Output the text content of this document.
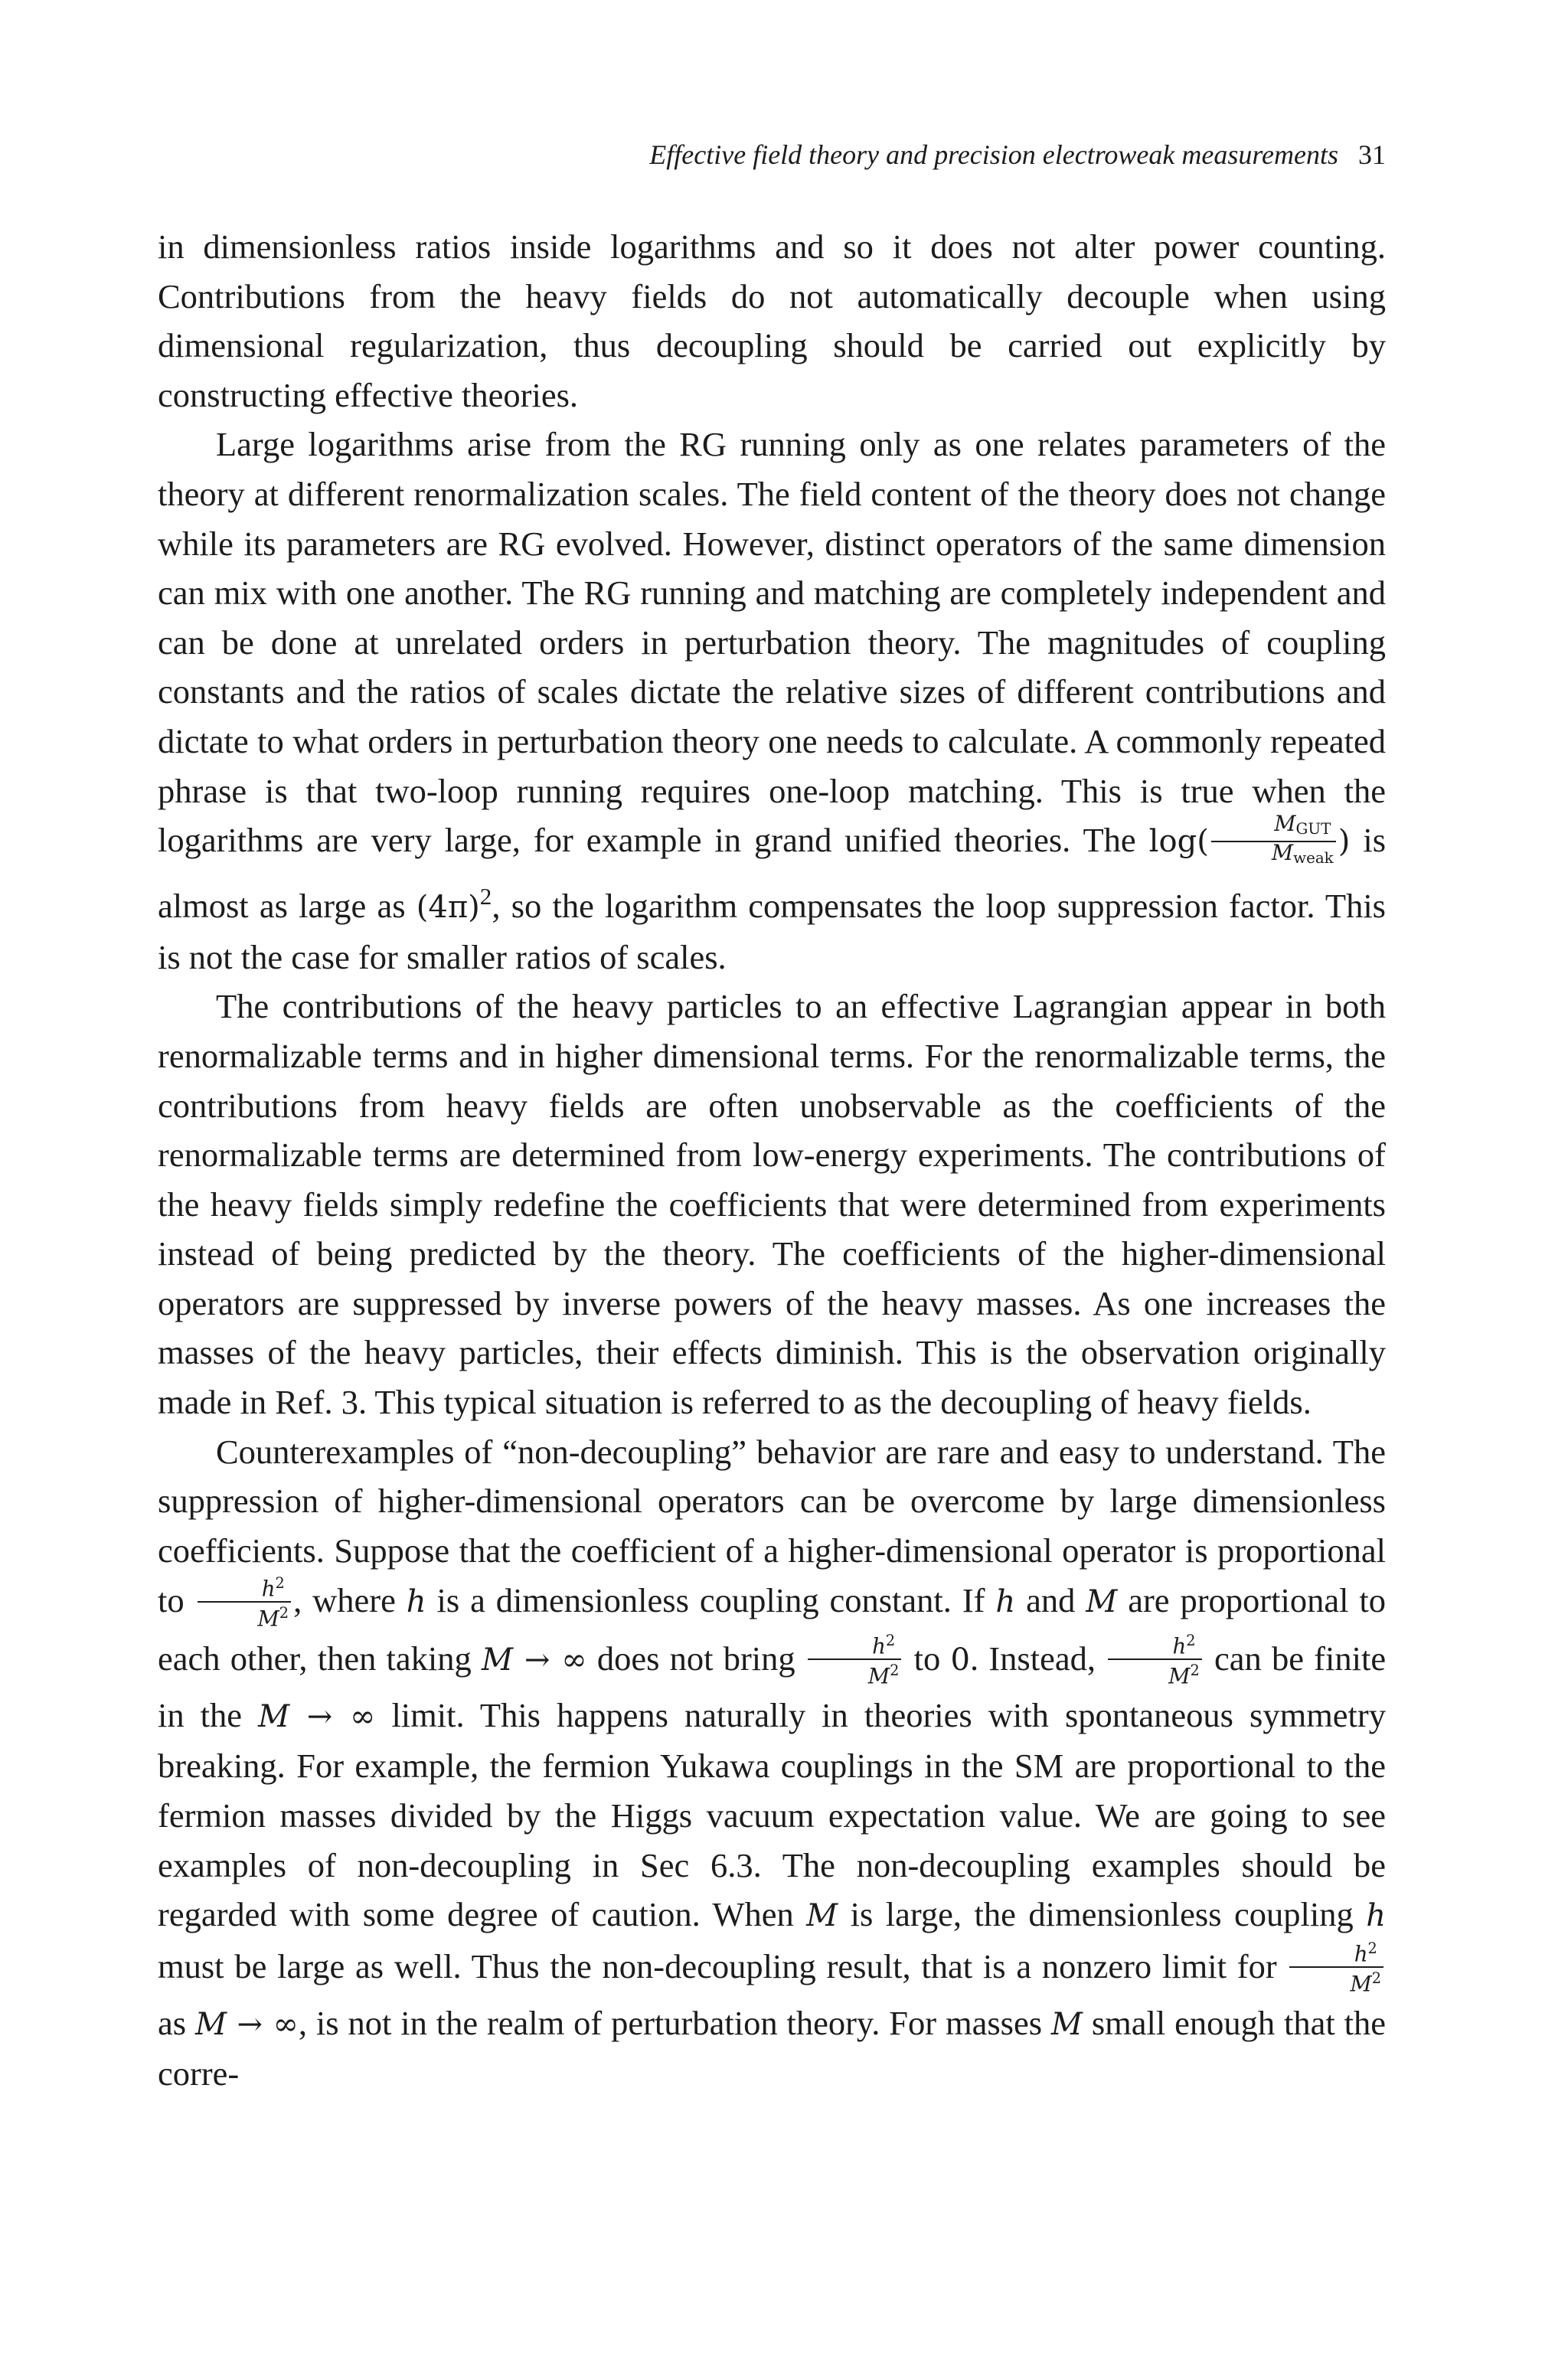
Effective field theory and precision electroweak measurements 31

in dimensionless ratios inside logarithms and so it does not alter power counting. Contributions from the heavy fields do not automatically decouple when using dimensional regularization, thus decoupling should be carried out explicitly by constructing effective theories.

Large logarithms arise from the RG running only as one relates parameters of the theory at different renormalization scales. The field content of the theory does not change while its parameters are RG evolved. However, distinct operators of the same dimension can mix with one another. The RG running and matching are completely independent and can be done at unrelated orders in perturbation theory. The magnitudes of coupling constants and the ratios of scales dictate the relative sizes of different contributions and dictate to what orders in perturbation theory one needs to calculate. A commonly repeated phrase is that two-loop running requires one-loop matching. This is true when the logarithms are very large, for example in grand unified theories. The $\log( \frac{M_{GUT}}{M_{weak}}$ ) is almost as large as $(4\pi)^2$, so the logarithm compensates the loop suppression factor. This is not the case for smaller ratios of scales.

The contributions of the heavy particles to an effective Lagrangian appear in both renormalizable terms and in higher dimensional terms. For the renormalizable terms, the contributions from heavy fields are often unobservable as the coefficients of the renormalizable terms are determined from low-energy experiments. The contributions of the heavy fields simply redefine the coefficients that were determined from experiments instead of being predicted by the theory. The coefficients of the higher-dimensional operators are suppressed by inverse powers of the heavy masses. As one increases the masses of the heavy particles, their effects diminish. This is the observation originally made in Ref. 3. This typical situation is referred to as the decoupling of heavy fields.

Counterexamples of “non-decoupling” behavior are rare and easy to understand. The suppression of higher-dimensional operators can be overcome by large dimensionless coefficients. Suppose that the coefficient of a higher-dimensional operator is proportional to $\frac{h^2}{M^2}$ , where h is a dimensionless coupling constant. If h and M are proportional to each other, then taking M → ∞ does not bring $\frac{h^2}{M^2}$ to 0. Instead, $\frac{h^2}{M^2}$ can be finite in the M → ∞ limit. This happens naturally in theories with spontaneous symmetry breaking. For example, the fermion Yukawa couplings in the SM are proportional to the fermion masses divided by the Higgs vacuum expectation value. We are going to see examples of non-decoupling in Sec 6.3. The non-decoupling examples should be regarded with some degree of caution. When M is large, the dimensionless coupling h must be large as well. Thus the non-decoupling result, that is a nonzero limit for $\frac{h^2}{M^2}$
as M → ∞, is not in the realm of perturbation theory. For masses M small enough that the corre-
